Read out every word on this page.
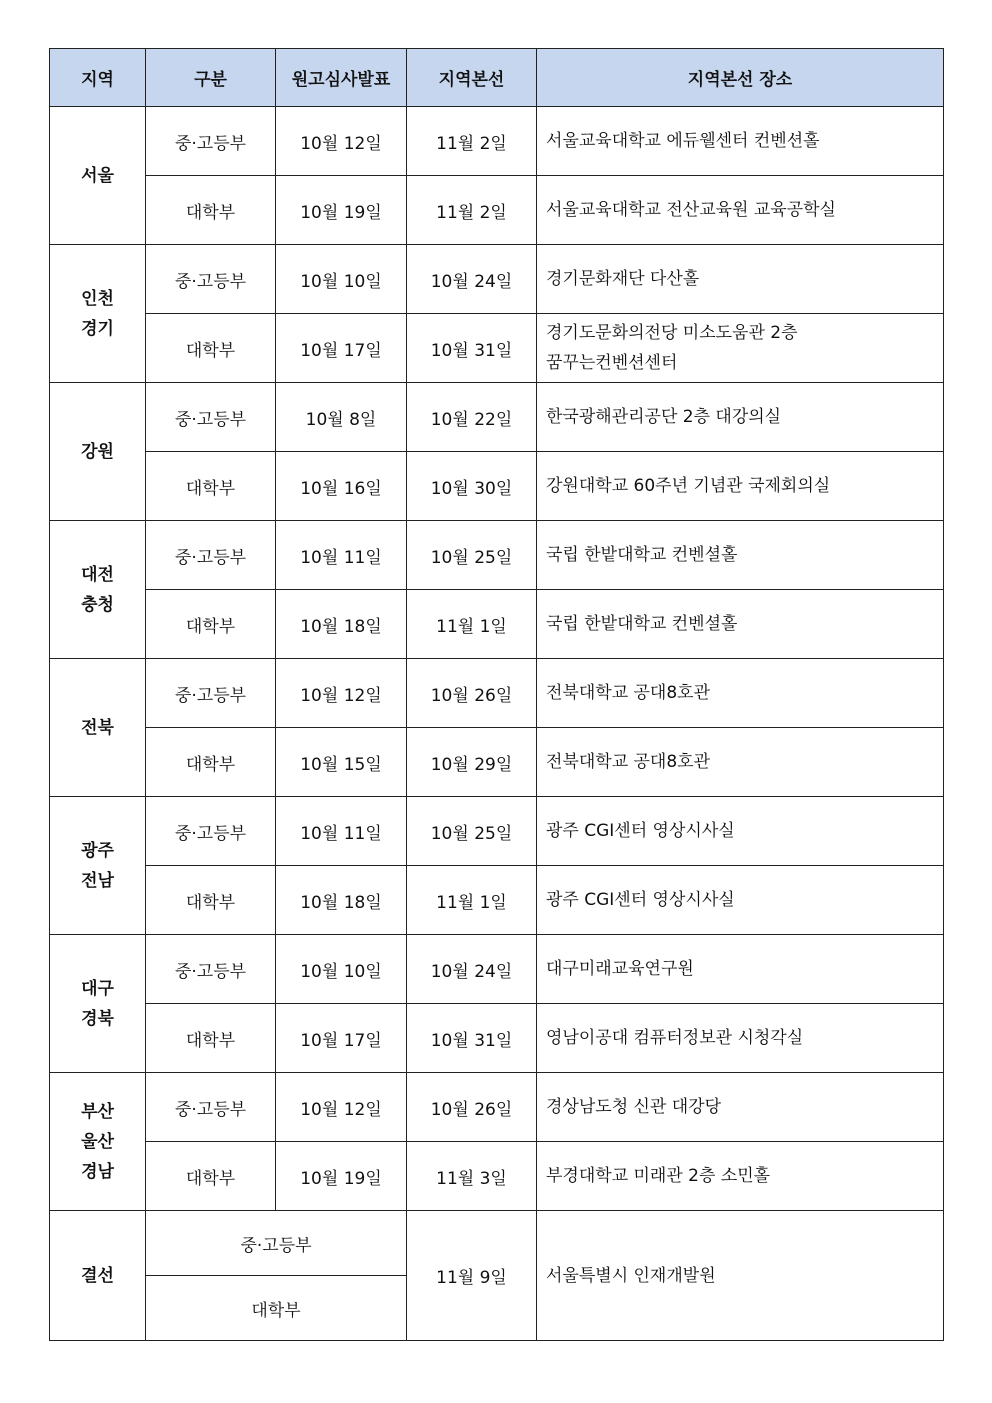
지역	구분	원고심사발표	지역본선	지역본선 장소

서울	중·고등부	10월 12일	11월 2일	서울교육대학교 에듀웰센터 컨벤션홀

	대학부	10월 19일	11월 2일	서울교육대학교 전산교육원 교육공학실

인천
경기	중·고등부	10월 10일	10월 24일	경기문화재단 다산홀

	대학부	10월 17일	10월 31일	경기도문화의전당 미소도움관 2층
꿈꾸는컨벤션센터

강원	중·고등부	10월 8일	10월 22일	한국광해관리공단 2층 대강의실

	대학부	10월 16일	10월 30일	강원대학교 60주년 기념관 국제회의실

대전
충청	중·고등부	10월 11일	10월 25일	국립 한밭대학교 컨벤셜홀

	대학부	10월 18일	11월 1일	국립 한밭대학교 컨벤셜홀

전북	중·고등부	10월 12일	10월 26일	전북대학교 공대8호관

	대학부	10월 15일	10월 29일	전북대학교 공대8호관

광주
전남	중·고등부	10월 11일	10월 25일	광주 CGI센터 영상시사실

	대학부	10월 18일	11월 1일	광주 CGI센터 영상시사실

대구
경북	중·고등부	10월 10일	10월 24일	대구미래교육연구원

	대학부	10월 17일	10월 31일	영남이공대 컴퓨터정보관 시청각실

부산
울산
경남	중·고등부	10월 12일	10월 26일	경상남도청 신관 대강당

	대학부	10월 19일	11월 3일	부경대학교 미래관 2층 소민홀

결선	중·고등부		11월 9일	서울특별시 인재개발원
	대학부			
